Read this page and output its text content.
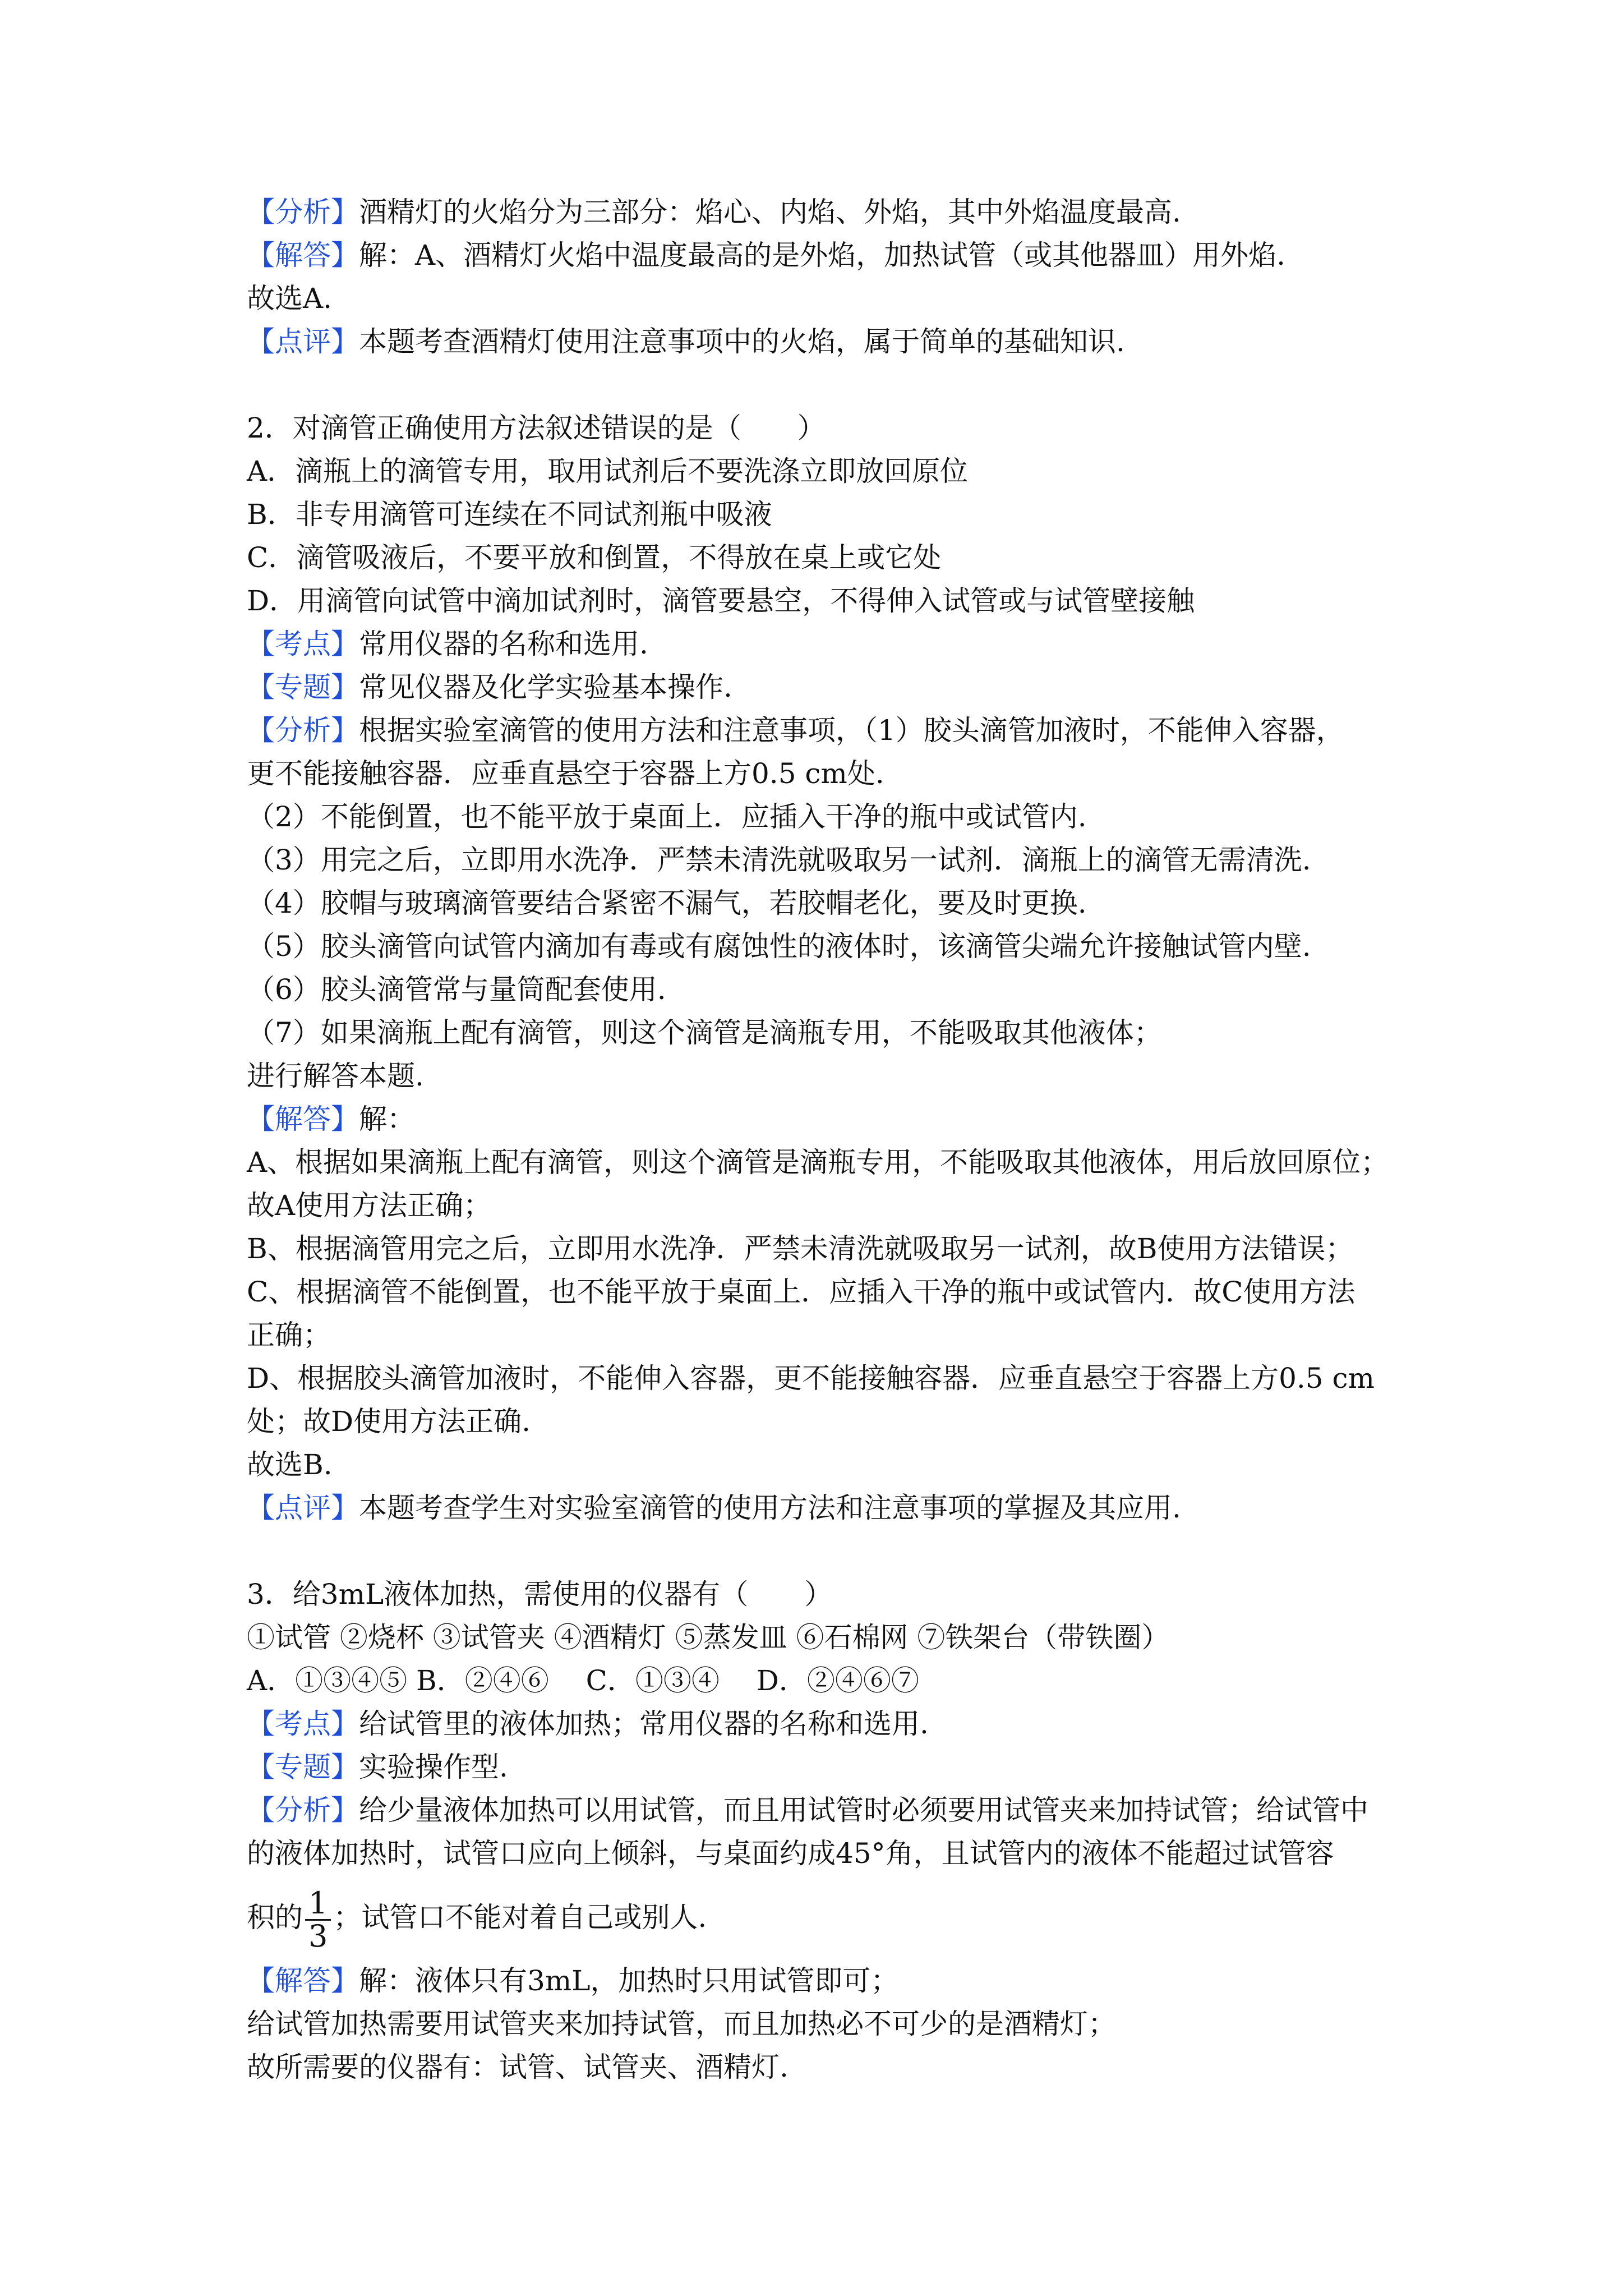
【分析】酒精灯的火焰分为三部分：焰心、内焰、外焰，其中外焰温度最高.
【解答】解：A、酒精灯火焰中温度最高的是外焰，加热试管（或其他器皿）用外焰.
故选A.
【点评】本题考查酒精灯使用注意事项中的火焰，属于简单的基础知识.
2．对滴管正确使用方法叙述错误的是（　　）
A．滴瓶上的滴管专用，取用试剂后不要洗涤立即放回原位
B．非专用滴管可连续在不同试剂瓶中吸液
C．滴管吸液后，不要平放和倒置，不得放在桌上或它处
D．用滴管向试管中滴加试剂时，滴管要悬空，不得伸入试管或与试管壁接触
【考点】常用仪器的名称和选用.
【专题】常见仪器及化学实验基本操作.
【分析】根据实验室滴管的使用方法和注意事项，（1）胶头滴管加液时，不能伸入容器，
更不能接触容器．应垂直悬空于容器上方0.5 cm处.
（2）不能倒置，也不能平放于桌面上．应插入干净的瓶中或试管内.
（3）用完之后，立即用水洗净．严禁未清洗就吸取另一试剂．滴瓶上的滴管无需清洗.
（4）胶帽与玻璃滴管要结合紧密不漏气，若胶帽老化，要及时更换.
（5）胶头滴管向试管内滴加有毒或有腐蚀性的液体时，该滴管尖端允许接触试管内壁.
（6）胶头滴管常与量筒配套使用.
（7）如果滴瓶上配有滴管，则这个滴管是滴瓶专用，不能吸取其他液体；
进行解答本题.
【解答】解：
A、根据如果滴瓶上配有滴管，则这个滴管是滴瓶专用，不能吸取其他液体，用后放回原位；
故A使用方法正确；
B、根据滴管用完之后，立即用水洗净．严禁未清洗就吸取另一试剂，故B使用方法错误；
C、根据滴管不能倒置，也不能平放于桌面上．应插入干净的瓶中或试管内．故C使用方法
正确；
D、根据胶头滴管加液时，不能伸入容器，更不能接触容器．应垂直悬空于容器上方0.5 cm
处；故D使用方法正确.
故选B.
【点评】本题考查学生对实验室滴管的使用方法和注意事项的掌握及其应用.
3．给3mL液体加热，需使用的仪器有（　　）
①试管 ②烧杯 ③试管夹 ④酒精灯 ⑤蒸发皿 ⑥石棉网 ⑦铁架台（带铁圈）
A．①③④⑤ B．②④⑥　 C．①③④　 D．②④⑥⑦
【考点】给试管里的液体加热；常用仪器的名称和选用.
【专题】实验操作型.
【分析】给少量液体加热可以用试管，而且用试管时必须要用试管夹来加持试管；给试管中
的液体加热时，试管口应向上倾斜，与桌面约成45°角，且试管内的液体不能超过试管容
积的 $\frac{1}{3}$ ；试管口不能对着自己或别人.
【解答】解：液体只有3mL，加热时只用试管即可；
给试管加热需要用试管夹来加持试管，而且加热必不可少的是酒精灯；
故所需要的仪器有：试管、试管夹、酒精灯.
